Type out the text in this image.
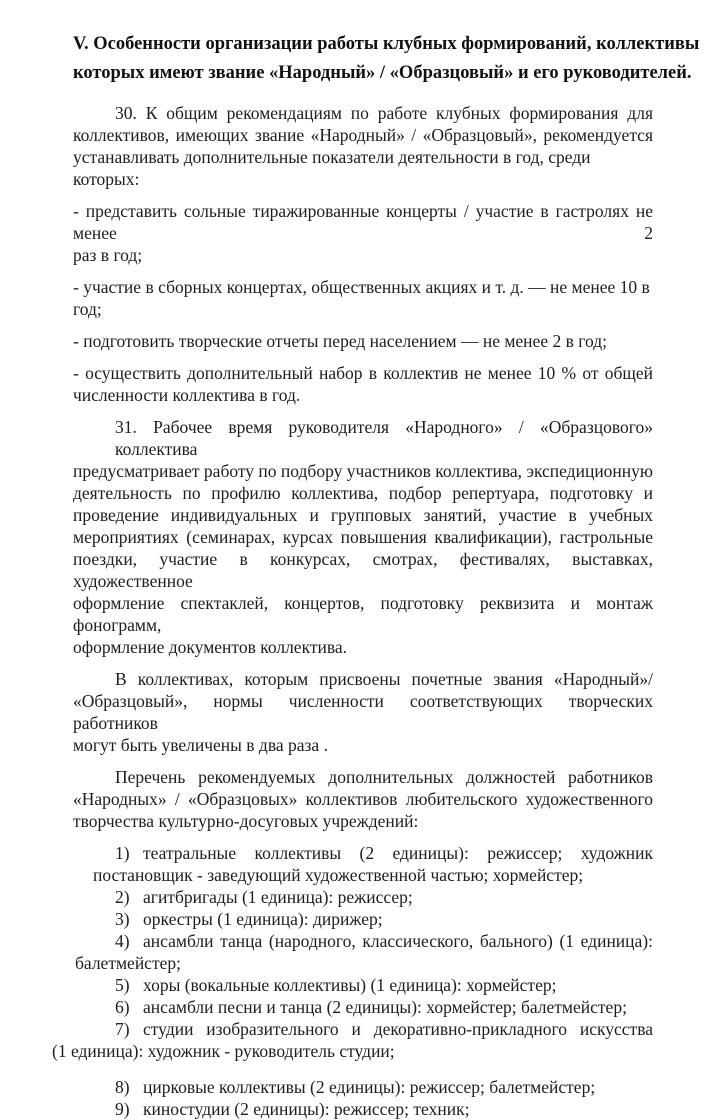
V. Особенности организации работы клубных формирований, коллективы
которых имеют звание «Народный» / «Образцовый» и его руководителей.
30. К общим рекомендациям по работе клубных формирования для
коллективов, имеющих звание «Народный» / «Образцовый», рекомендуется
устанавливать дополнительные показатели деятельности в год, среди которых:
- представить сольные тиражированные концерты / участие в гастролях не менее 2
раз в год;
- участие в сборных концертах, общественных акциях и т. д. — не менее 10 в год;
- подготовить творческие отчеты перед населением — не менее 2 в год;
- осуществить дополнительный набор в коллектив не менее 10 % от общей
численности коллектива в год.
31. Рабочее время руководителя «Народного» / «Образцового» коллектива
предусматривает работу по подбору участников коллектива, экспедиционную
деятельность по профилю коллектива, подбор репертуара, подготовку и
проведение индивидуальных и групповых занятий, участие в учебных
мероприятиях (семинарах, курсах повышения квалификации), гастрольные
поездки, участие в конкурсах, смотрах, фестивалях, выставках, художественное
оформление спектаклей, концертов, подготовку реквизита и монтаж фонограмм,
оформление документов коллектива.
В коллективах, которым присвоены почетные звания «Народный»/
«Образцовый», нормы численности соответствующих творческих работников
могут быть увеличены в два раза .
Перечень рекомендуемых дополнительных должностей работников
«Народных» / «Образцовых» коллективов любительского художественного
творчества культурно-досуговых учреждений:
1) театральные коллективы (2 единицы): режиссер; художник
постановщик - заведующий художественной частью; хормейстер;
2) агитбригады (1 единица): режиссер;
3) оркестры (1 единица): дирижер;
4) ансамбли танца (народного, классического, бального) (1 единица):
балетмейстер;
5) хоры (вокальные коллективы) (1 единица): хормейстер;
6) ансамбли песни и танца (2 единицы): хормейстер; балетмейстер;
7) студии изобразительного и декоративно-прикладного искусства
(1 единица): художник - руководитель студии;
8) цирковые коллективы (2 единицы): режиссер; балетмейстер;
9) киностудии (2 единицы): режиссер; техник;
